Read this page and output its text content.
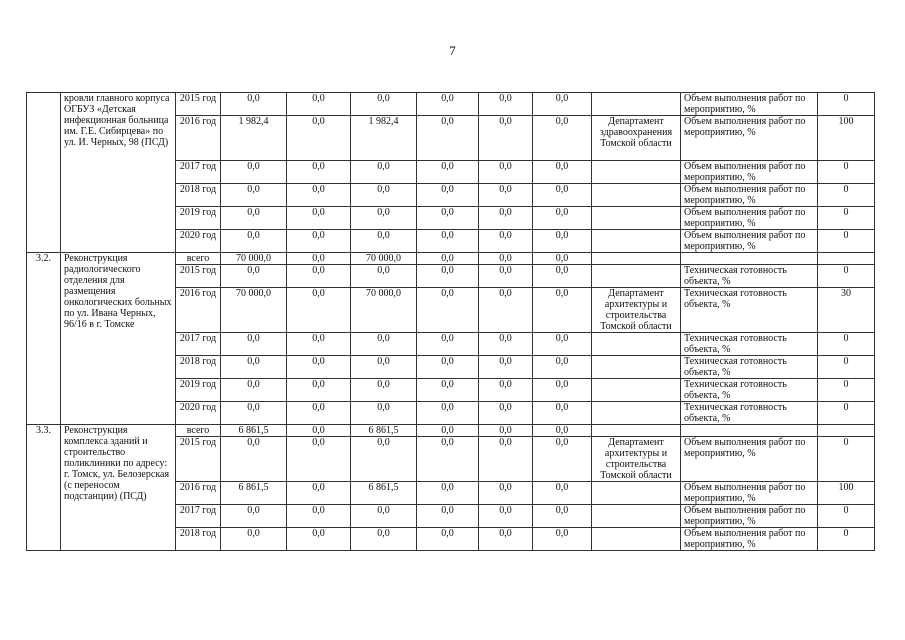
7
	кровли главного корпуса ОГБУЗ «Детская инфекционная больница им. Г.Е. Сибирцева» по ул. И. Черных, 98 (ПСД)	2015 год	0,0	0,0	0,0	0,0	0,0	0,0		Объем выполнения работ по мероприятию, %	0
		2016 год	1 982,4	0,0	1 982,4	0,0	0,0	0,0	Департамент здравоохранения Томской области	Объем выполнения работ по мероприятию, %	100
		2017 год	0,0	0,0	0,0	0,0	0,0	0,0		Объем выполнения работ по мероприятию, %	0
		2018 год	0,0	0,0	0,0	0,0	0,0	0,0		Объем выполнения работ по мероприятию, %	0
		2019 год	0,0	0,0	0,0	0,0	0,0	0,0		Объем выполнения работ по мероприятию, %	0
		2020 год	0,0	0,0	0,0	0,0	0,0	0,0		Объем выполнения работ по мероприятию, %	0
3.2.	Реконструкция радиологического отделения для размещения онкологических больных по ул. Ивана Черных, 96/16 в г. Томске	всего	70 000,0	0,0	70 000,0	0,0	0,0	0,0			
		2015 год	0,0	0,0	0,0	0,0	0,0	0,0		Техническая готовность объекта, %	0
		2016 год	70 000,0	0,0	70 000,0	0,0	0,0	0,0	Департамент архитектуры и строительства Томской области	Техническая готовность объекта, %	30
		2017 год	0,0	0,0	0,0	0,0	0,0	0,0		Техническая готовность объекта, %	0
		2018 год	0,0	0,0	0,0	0,0	0,0	0,0		Техническая готовность объекта, %	0
		2019 год	0,0	0,0	0,0	0,0	0,0	0,0		Техническая готовность объекта, %	0
		2020 год	0,0	0,0	0,0	0,0	0,0	0,0		Техническая готовность объекта, %	0
3.3.	Реконструкция комплекса зданий и строительство поликлиники по адресу: г. Томск, ул. Белозерская (с переносом подстанции) (ПСД)	всего	6 861,5	0,0	6 861,5	0,0	0,0	0,0			
		2015 год	0,0	0,0	0,0	0,0	0,0	0,0	Департамент архитектуры и строительства Томской области	Объем выполнения работ по мероприятию, %	0
		2016 год	6 861,5	0,0	6 861,5	0,0	0,0	0,0		Объем выполнения работ по мероприятию, %	100
		2017 год	0,0	0,0	0,0	0,0	0,0	0,0		Объем выполнения работ по мероприятию, %	0
		2018 год	0,0	0,0	0,0	0,0	0,0	0,0		Объем выполнения работ по мероприятию, %	0
